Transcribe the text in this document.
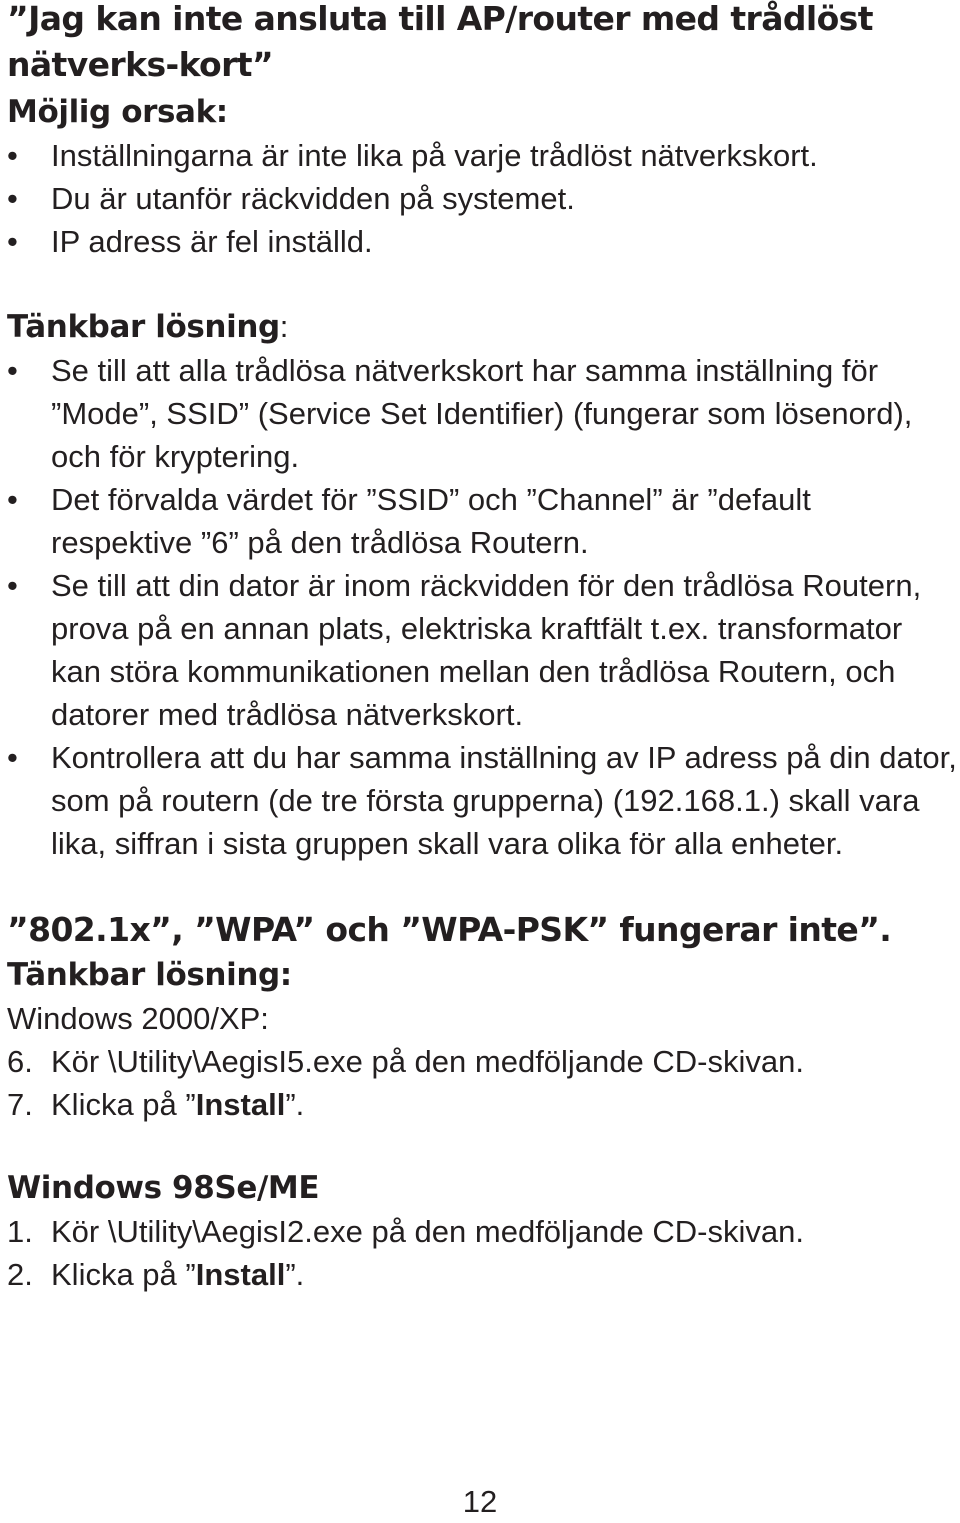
”Jag kan inte ansluta till AP/router med trådlöst nätverks-kort”
Möjlig orsak:
• Inställningarna är inte lika på varje trådlöst nätverkskort.
• Du är utanför räckvidden på systemet.
• IP adress är fel inställd.
Tänkbar lösning:
• Se till att alla trådlösa nätverkskort har samma inställning för ”Mode”, SSID” (Service Set Identifier) (fungerar som lösenord), och för kryptering.
• Det förvalda värdet för ”SSID” och ”Channel” är ”default respektive ”6” på den trådlösa Routern.
• Se till att din dator är inom räckvidden för den trådlösa Routern, prova på en annan plats, elektriska kraftfält t.ex. transformator kan störa kommunikationen mellan den trådlösa Routern, och datorer med trådlösa nätverkskort.
• Kontrollera att du har samma inställning av IP adress på din dator, som på routern (de tre första grupperna) (192.168.1.) skall vara lika, siffran i sista gruppen skall vara olika för alla enheter.
”802.1x”, ”WPA” och ”WPA-PSK” fungerar inte”.
Tänkbar lösning:

Windows 2000/XP:

6. Kör \Utility\AegisI5.exe på den medföljande CD-skivan.
7. Klicka på ”Install”.
Windows 98Se/ME
1. Kör \Utility\AegisI2.exe på den medföljande CD-skivan.
2. Klicka på ”Install”.
12
